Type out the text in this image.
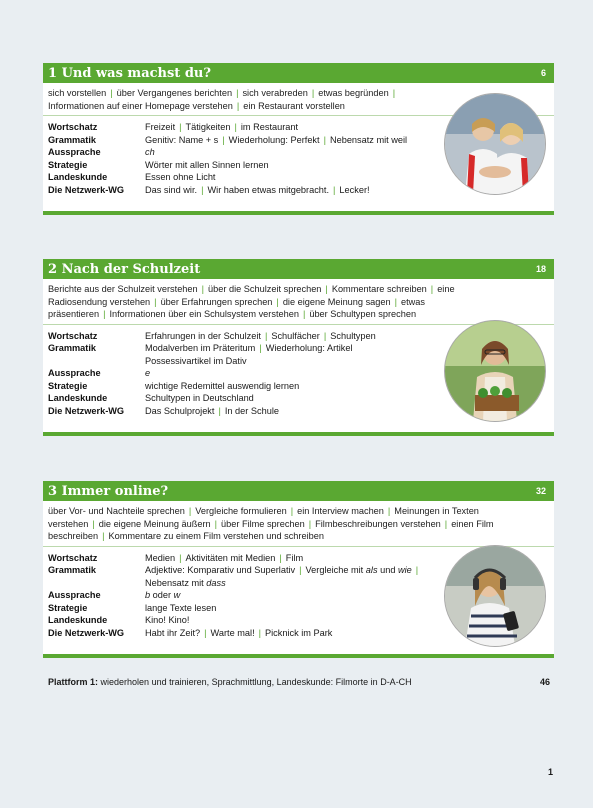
1 Und was machst du?	6
sich vorstellen | über Vergangenes berichten | sich verabreden | etwas begründen |
Informationen auf einer Homepage verstehen | ein Restaurant vorstellen
Wortschatz	Freizeit | Tätigkeiten | im Restaurant
Grammatik	Genitiv: Name + s | Wiederholung: Perfekt | Nebensatz mit weil
Aussprache	ch
Strategie	Wörter mit allen Sinnen lernen
Landeskunde	Essen ohne Licht
Die Netzwerk-WG	Das sind wir. | Wir haben etwas mitgebracht. | Lecker!
2 Nach der Schulzeit	18
Berichte aus der Schulzeit verstehen | über die Schulzeit sprechen | Kommentare schreiben | eine
Radiosendung verstehen | über Erfahrungen sprechen | die eigene Meinung sagen | etwas
präsentieren | Informationen über ein Schulsystem verstehen | über Schultypen sprechen
Wortschatz	Erfahrungen in der Schulzeit | Schulfächer | Schultypen
Grammatik	Modalverben im Präteritum | Wiederholung: Artikel
Possessivartikel im Dativ
Aussprache	e
Strategie	wichtige Redemittel auswendig lernen
Landeskunde	Schultypen in Deutschland
Die Netzwerk-WG	Das Schulprojekt | In der Schule
3 Immer online?	32
über Vor- und Nachteile sprechen | Vergleiche formulieren | ein Interview machen | Meinungen in Texten
verstehen | die eigene Meinung äußern | über Filme sprechen | Filmbeschreibungen verstehen | einen Film
beschreiben | Kommentare zu einem Film verstehen und schreiben
Wortschatz	Medien | Aktivitäten mit Medien | Film
Grammatik	Adjektive: Komparativ und Superlativ | Vergleiche mit als und wie |
Nebensatz mit dass
Aussprache	b oder w
Strategie	lange Texte lesen
Landeskunde	Kino! Kino!
Die Netzwerk-WG	Habt ihr Zeit? | Warte mal! | Picknick im Park
Plattform 1: wiederholen und trainieren, Sprachmittlung, Landeskunde: Filmorte in D-A-CH	46
1
